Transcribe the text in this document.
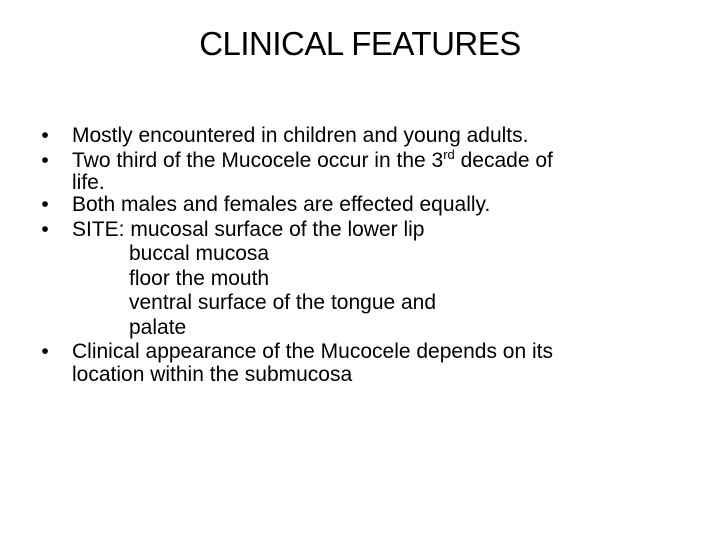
CLINICAL FEATURES
• Mostly encountered in children and young adults.
• Two third of the Mucocele occur in the 3rd decade of
life.
• Both males and females are effected equally.
• SITE: mucosal surface of the lower lip
buccal mucosa
floor the mouth
ventral surface of the tongue and
palate
• Clinical appearance of the Mucocele depends on its
location within the submucosa
